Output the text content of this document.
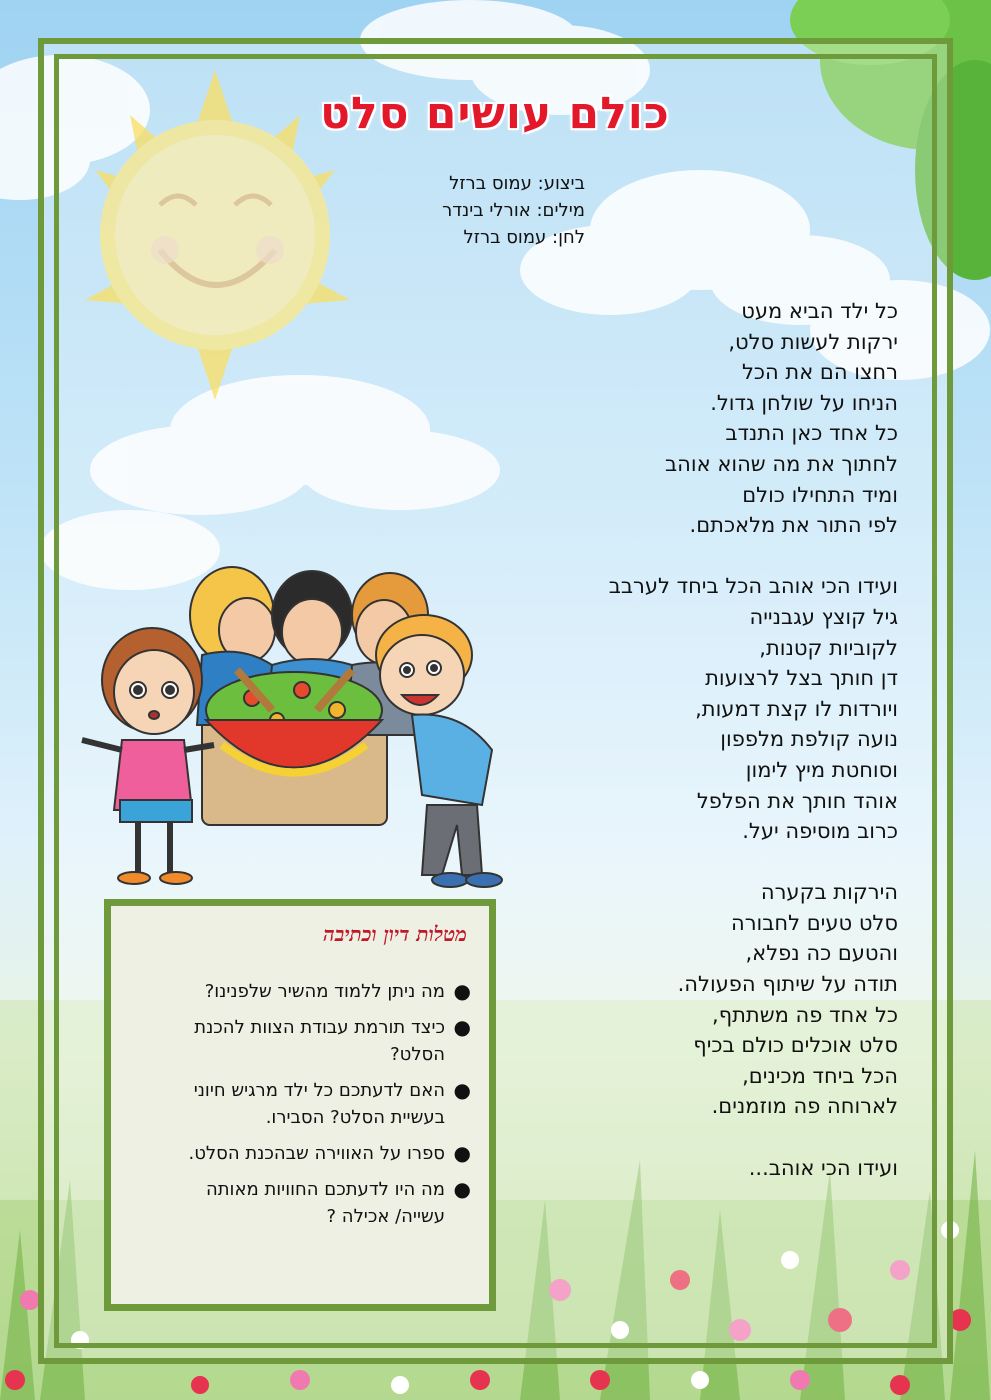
כולם עושים סלט
ביצוע: עמוס ברזל
מילים: אורלי בינדר
לחן: עמוס ברזל
כל ילד הביא מעט
ירקות לעשות סלט,
רחצו הם את הכל
הניחו על שולחן גדול.
כל אחד כאן התנדב
לחתוך את מה שהוא אוהב
ומיד התחילו כולם
לפי התור את מלאכתם.
ועידו הכי אוהב הכל ביחד לערבב
גיל קוצץ עגבנייה
לקוביות קטנות,
דן חותך בצל לרצועות
ויורדות לו קצת דמעות,
נועה קולפת מלפפון
וסוחטת מיץ לימון
אוהד חותך את הפלפל
כרוב מוסיפה יעל.
הירקות בקערה
סלט טעים לחבורה
והטעם כה נפלא,
תודה על שיתוף הפעולה.
כל אחד פה משתתף,
סלט אוכלים כולם בכיף
הכל ביחד מכינים,
לארוחה פה מוזמנים.
ועידו הכי אוהב...
מטלות דיון וכתיבה
●
מה ניתן ללמוד מהשיר שלפנינו?
●
כיצד תורמת עבודת הצוות להכנת
הסלט?
●
האם לדעתכם כל ילד מרגיש חיוני
בעשיית הסלט? הסבירו.
●
ספרו על האווירה שבהכנת הסלט.
●
מה היו לדעתכם החוויות מאותה
עשייה/ אכילה ?
